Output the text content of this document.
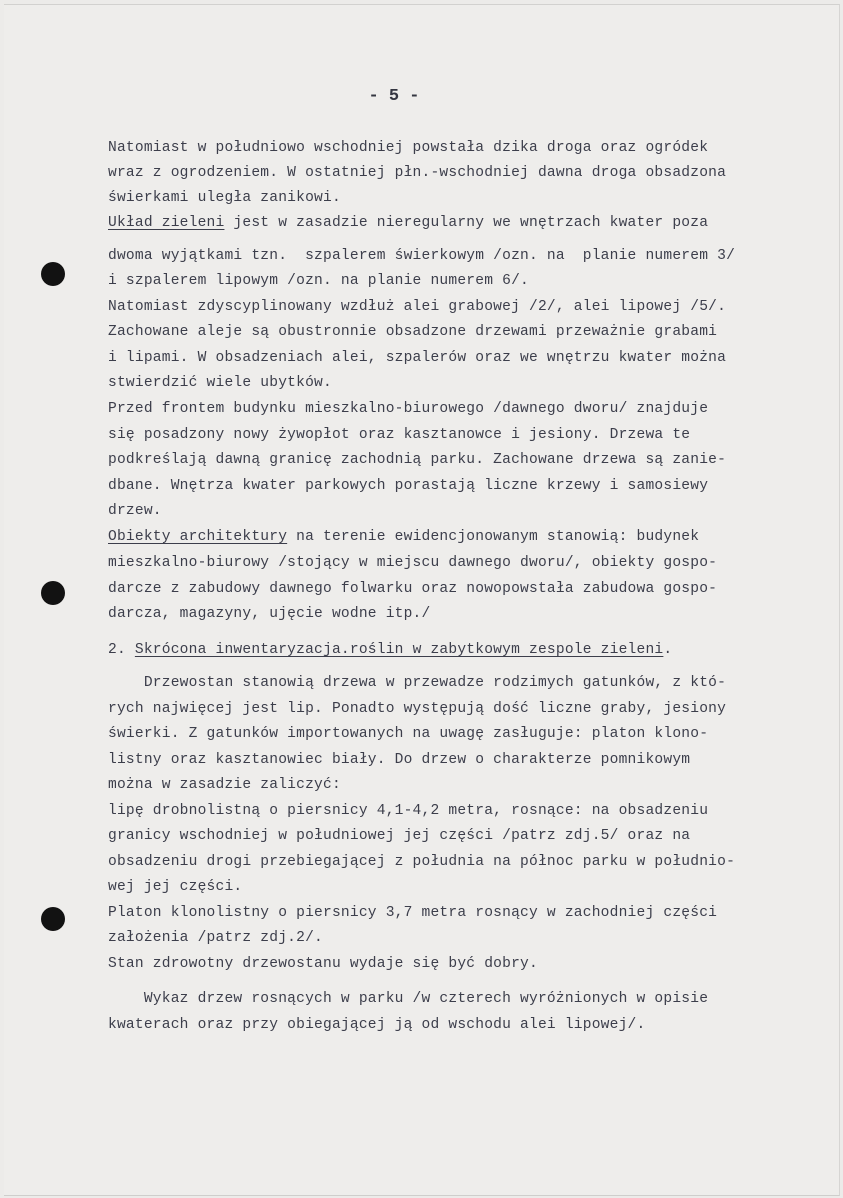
- 5 -
Natomiast w południowo wschodniej powstała dzika droga oraz ogródek
wraz z ogrodzeniem. W ostatniej płn.-wschodniej dawna droga obsadzona
świerkami uległa zanikowi.
Układ zieleni jest w zasadzie nieregularny we wnętrzach kwater poza
dwoma wyjątkami tzn.  szpalerem świerkowym /ozn. na  planie numerem 3/
i szpalerem lipowym /ozn. na planie numerem 6/.
Natomiast zdyscyplinowany wzdłuż alei grabowej /2/, alei lipowej /5/.
Zachowane aleje są obustronnie obsadzone drzewami przeważnie grabami
i lipami. W obsadzeniach alei, szpalerów oraz we wnętrzu kwater można
stwierdzić wiele ubytków.
Przed frontem budynku mieszkalno-biurowego /dawnego dworu/ znajduje
się posadzony nowy żywopłot oraz kasztanowce i jesiony. Drzewa te
podkreślają dawną granicę zachodnią parku. Zachowane drzewa są zanie-
dbane. Wnętrza kwater parkowych porastają liczne krzewy i samosiewy
drzew.
Obiekty architektury na terenie ewidencjonowanym stanowią: budynek
mieszkalno-biurowy /stojący w miejscu dawnego dworu/, obiekty gospo-
darcze z zabudowy dawnego folwarku oraz nowopowstała zabudowa gospo-
darcza, magazyny, ujęcie wodne itp./
2. Skrócona inwentaryzacja.roślin w zabytkowym zespole zieleni.
Drzewostan stanowią drzewa w przewadze rodzimych gatunków, z któ-
rych najwięcej jest lip. Ponadto występują dość liczne graby, jesiony
świerki. Z gatunków importowanych na uwagę zasługuje: platon klono-
listny oraz kasztanowiec biały. Do drzew o charakterze pomnikowym
można w zasadzie zaliczyć:
lipę drobnolistną o piersnicy 4,1-4,2 metra, rosnące: na obsadzeniu
granicy wschodniej w południowej jej części /patrz zdj.5/ oraz na
obsadzeniu drogi przebiegającej z południa na północ parku w południo-
wej jej części.
Platon klonolistny o piersnicy 3,7 metra rosnący w zachodniej części
założenia /patrz zdj.2/.
Stan zdrowotny drzewostanu wydaje się być dobry.
Wykaz drzew rosnących w parku /w czterech wyróżnionych w opisie
kwaterach oraz przy obiegającej ją od wschodu alei lipowej/.
